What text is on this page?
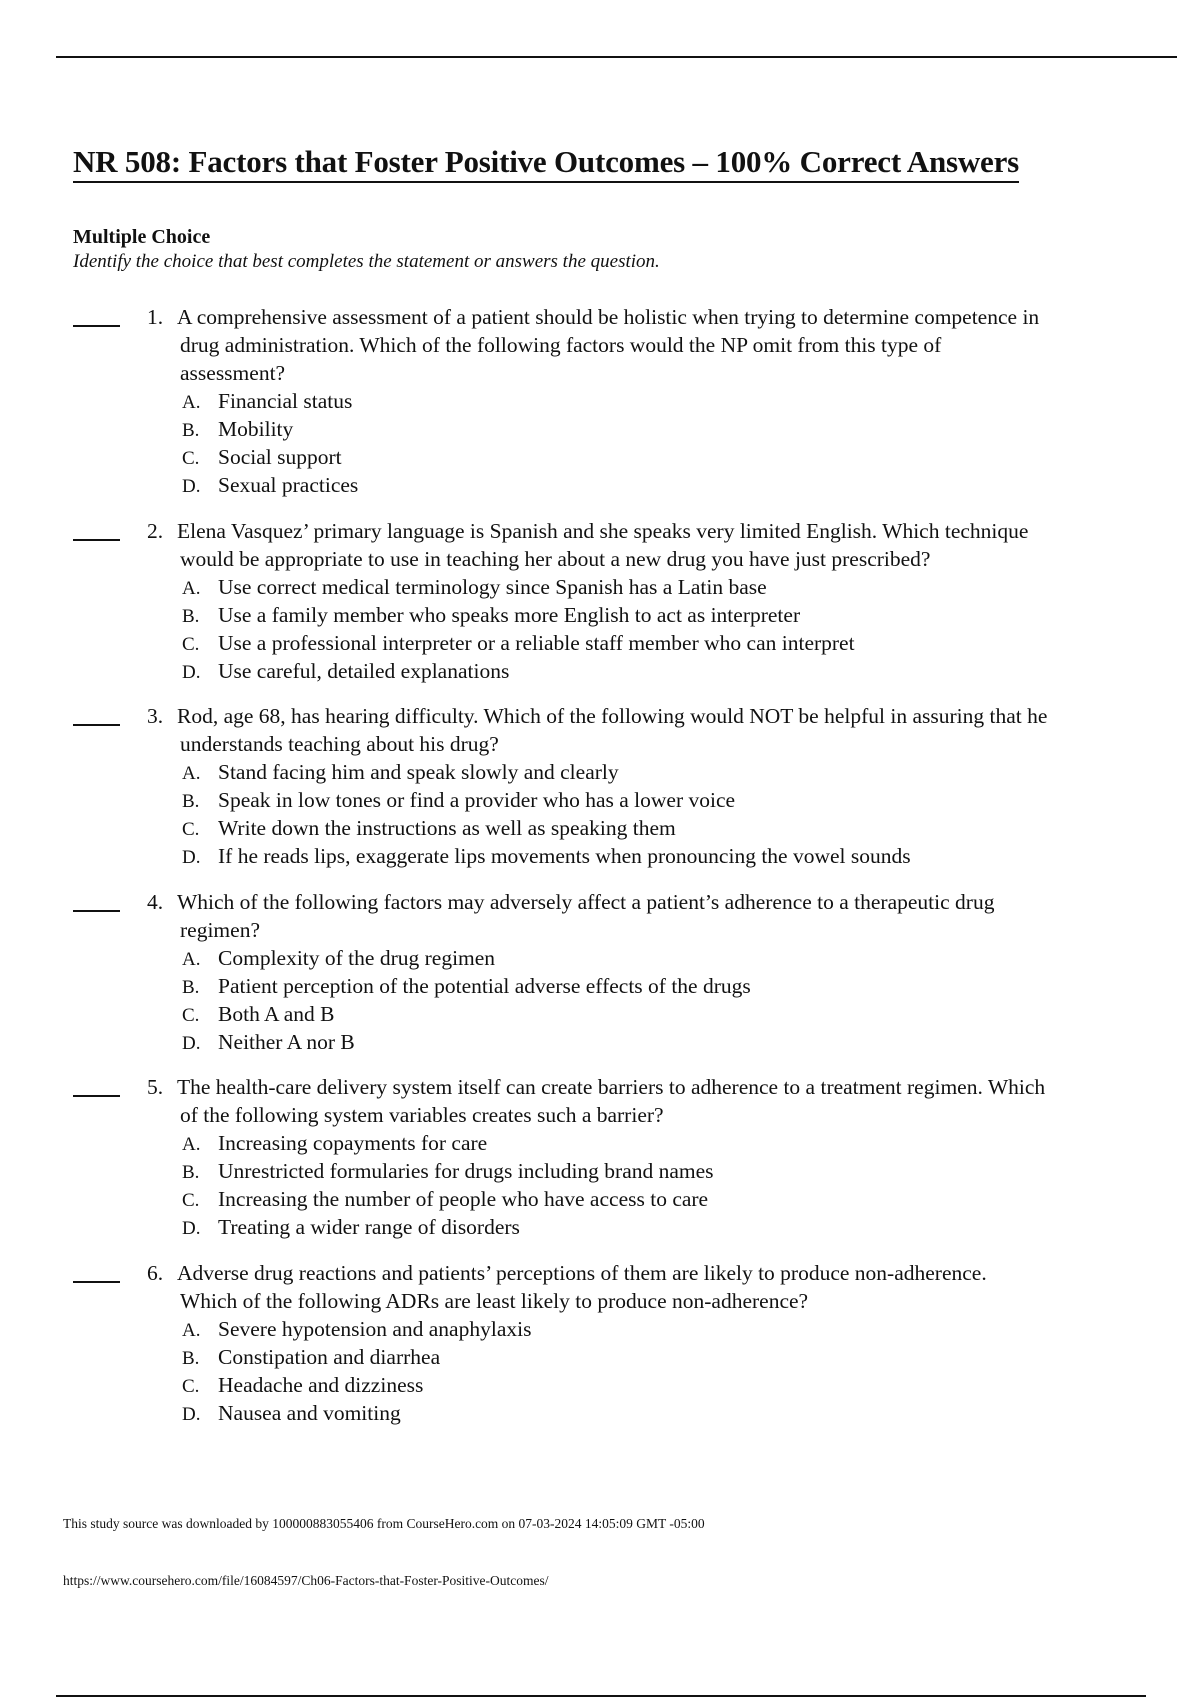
NR 508: Factors that Foster Positive Outcomes – 100% Correct Answers
Multiple Choice
Identify the choice that best completes the statement or answers the question.
1. A comprehensive assessment of a patient should be holistic when trying to determine competence in
drug administration. Which of the following factors would the NP omit from this type of
assessment?

A. Financial status
B. Mobility
C. Social support
D. Sexual practices
2. Elena Vasquez’ primary language is Spanish and she speaks very limited English. Which technique
would be appropriate to use in teaching her about a new drug you have just prescribed?

A. Use correct medical terminology since Spanish has a Latin base
B. Use a family member who speaks more English to act as interpreter
C. Use a professional interpreter or a reliable staff member who can interpret
D. Use careful, detailed explanations
3. Rod, age 68, has hearing difficulty. Which of the following would NOT be helpful in assuring that he
understands teaching about his drug?

A. Stand facing him and speak slowly and clearly
B. Speak in low tones or find a provider who has a lower voice
C. Write down the instructions as well as speaking them
D. If he reads lips, exaggerate lips movements when pronouncing the vowel sounds
4. Which of the following factors may adversely affect a patient’s adherence to a therapeutic drug
regimen?

A. Complexity of the drug regimen
B. Patient perception of the potential adverse effects of the drugs
C. Both A and B
D. Neither A nor B
5. The health-care delivery system itself can create barriers to adherence to a treatment regimen. Which
of the following system variables creates such a barrier?

A. Increasing copayments for care
B. Unrestricted formularies for drugs including brand names
C. Increasing the number of people who have access to care
D. Treating a wider range of disorders
6. Adverse drug reactions and patients’ perceptions of them are likely to produce non-adherence.
Which of the following ADRs are least likely to produce non-adherence?

A. Severe hypotension and anaphylaxis
B. Constipation and diarrhea
C. Headache and dizziness
D. Nausea and vomiting
This study source was downloaded by 100000883055406 from CourseHero.com on 07-03-2024 14:05:09 GMT -05:00
https://www.coursehero.com/file/16084597/Ch06-Factors-that-Foster-Positive-Outcomes/
